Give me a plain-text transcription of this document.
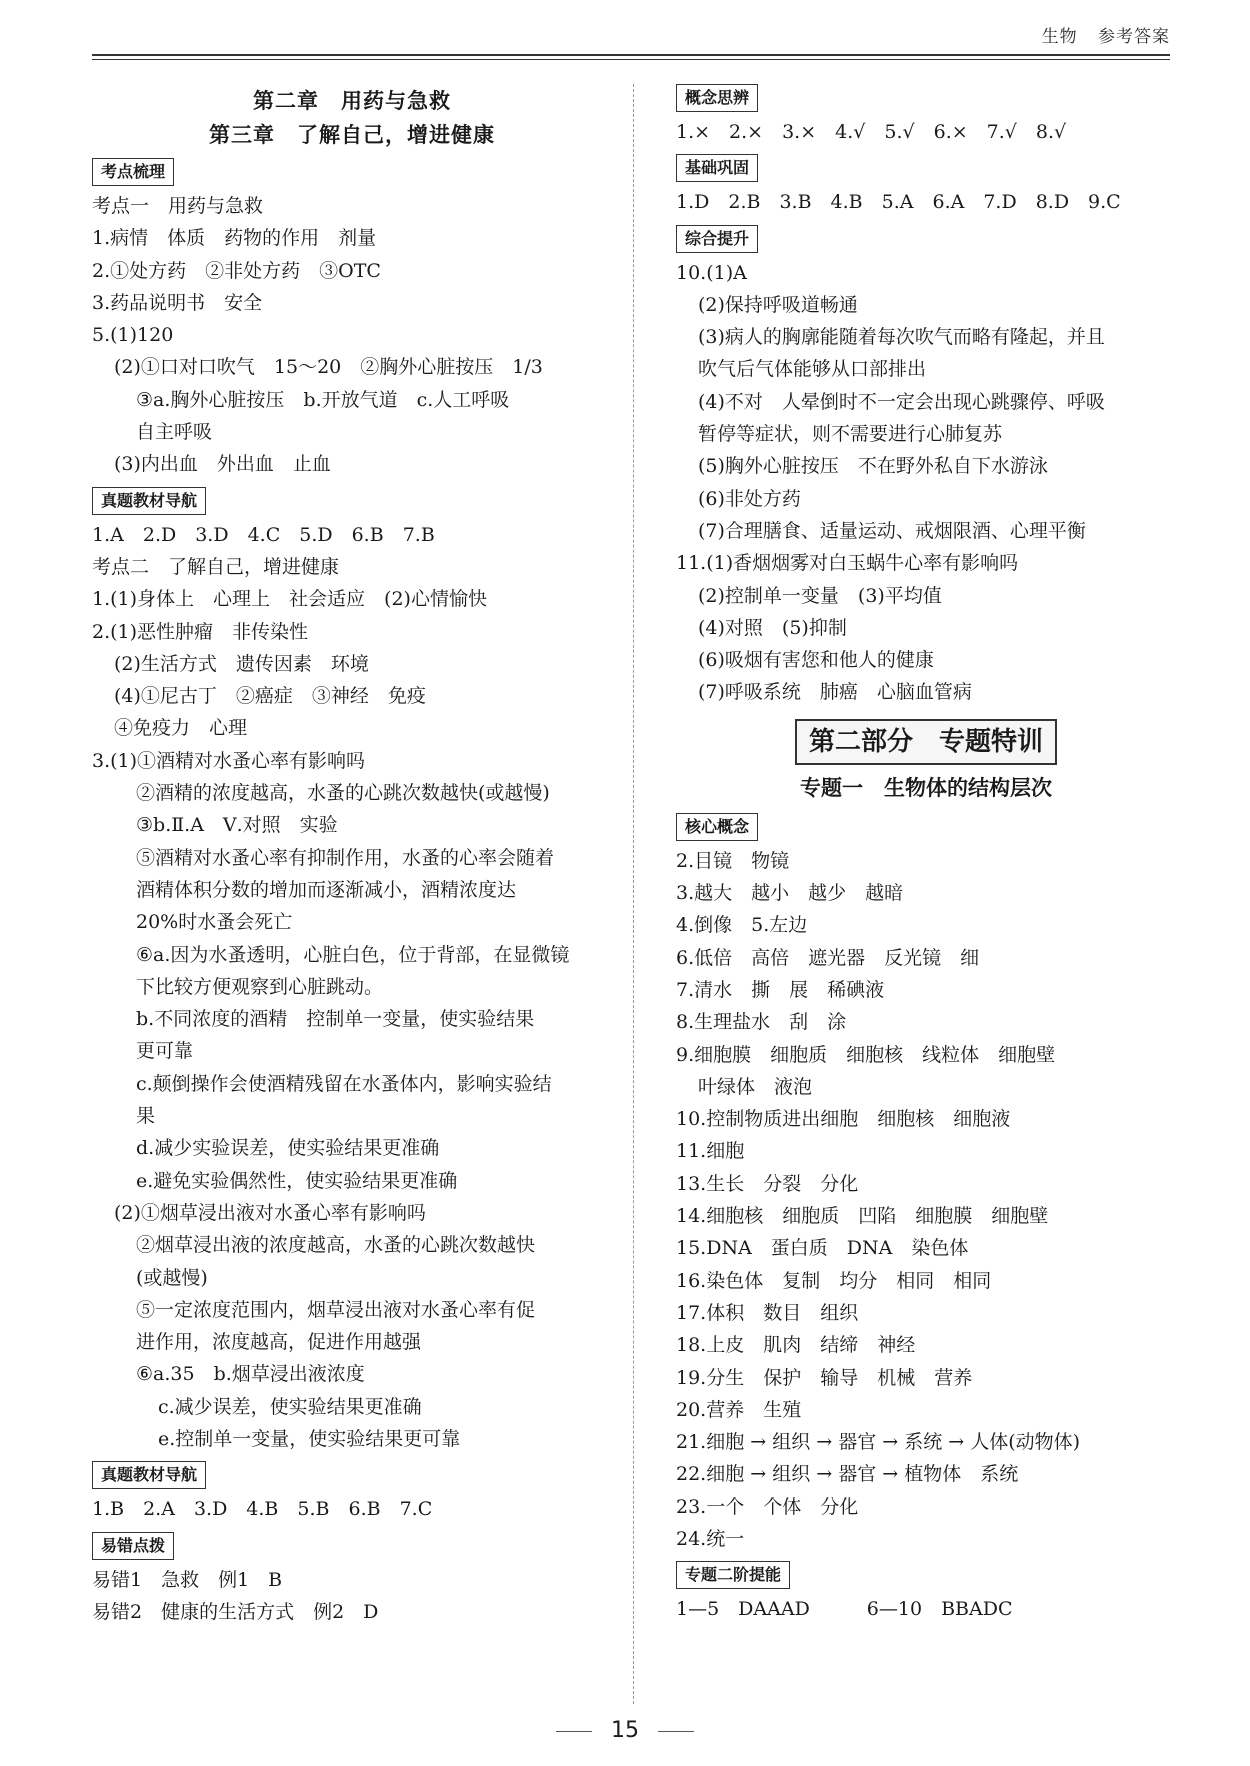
生物 参考答案
第二章　用药与急救
第三章　了解自己，增进健康
考点梳理
考点一　用药与急救
1.病情　体质　药物的作用　剂量
2.①处方药　②非处方药　③OTC
3.药品说明书　安全
5.(1)120
(2)①口对口吹气　15～20　②胸外心脏按压　1/3
③a.胸外心脏按压　b.开放气道　c.人工呼吸
自主呼吸
(3)内出血　外出血　止血
真题教材导航
1.A　2.D　3.D　4.C　5.D　6.B　7.B
考点二　了解自己，增进健康
1.(1)身体上　心理上　社会适应　(2)心情愉快
2.(1)恶性肿瘤　非传染性
(2)生活方式　遗传因素　环境
(4)①尼古丁　②癌症　③神经　免疫
④免疫力　心理
3.(1)①酒精对水蚤心率有影响吗
②酒精的浓度越高，水蚤的心跳次数越快(或越慢)
③b.Ⅱ.A　Ⅴ.对照　实验
⑤酒精对水蚤心率有抑制作用，水蚤的心率会随着
酒精体积分数的增加而逐渐减小，酒精浓度达
20%时水蚤会死亡
⑥a.因为水蚤透明，心脏白色，位于背部，在显微镜
下比较方便观察到心脏跳动。
b.不同浓度的酒精　控制单一变量，使实验结果
更可靠
c.颠倒操作会使酒精残留在水蚤体内，影响实验结
果
d.减少实验误差，使实验结果更准确
e.避免实验偶然性，使实验结果更准确
(2)①烟草浸出液对水蚤心率有影响吗
②烟草浸出液的浓度越高，水蚤的心跳次数越快
(或越慢)
⑤一定浓度范围内，烟草浸出液对水蚤心率有促
进作用，浓度越高，促进作用越强
⑥a.35　b.烟草浸出液浓度
c.减少误差，使实验结果更准确
e.控制单一变量，使实验结果更可靠
真题教材导航
1.B　2.A　3.D　4.B　5.B　6.B　7.C
易错点拨
易错1　急救　例1　B
易错2　健康的生活方式　例2　D
概念思辨
1.×　2.×　3.×　4.√　5.√　6.×　7.√　8.√
基础巩固
1.D　2.B　3.B　4.B　5.A　6.A　7.D　8.D　9.C
综合提升
10.(1)A
(2)保持呼吸道畅通
(3)病人的胸廓能随着每次吹气而略有隆起，并且
吹气后气体能够从口部排出
(4)不对　人晕倒时不一定会出现心跳骤停、呼吸
暂停等症状，则不需要进行心肺复苏
(5)胸外心脏按压　不在野外私自下水游泳
(6)非处方药
(7)合理膳食、适量运动、戒烟限酒、心理平衡
11.(1)香烟烟雾对白玉蜗牛心率有影响吗
(2)控制单一变量　(3)平均值
(4)对照　(5)抑制
(6)吸烟有害您和他人的健康
(7)呼吸系统　肺癌　心脑血管病
第二部分　专题特训
专题一　生物体的结构层次
核心概念
2.目镜　物镜
3.越大　越小　越少　越暗
4.倒像　5.左边
6.低倍　高倍　遮光器　反光镜　细
7.清水　撕　展　稀碘液
8.生理盐水　刮　涂
9.细胞膜　细胞质　细胞核　线粒体　细胞壁
叶绿体　液泡
10.控制物质进出细胞　细胞核　细胞液
11.细胞
13.生长　分裂　分化
14.细胞核　细胞质　凹陷　细胞膜　细胞壁
15.DNA　蛋白质　DNA　染色体
16.染色体　复制　均分　相同　相同
17.体积　数目　组织
18.上皮　肌肉　结缔　神经
19.分生　保护　输导　机械　营养
20.营养　生殖
21.细胞 → 组织 → 器官 → 系统 → 人体(动物体)
22.细胞 → 组织 → 器官 → 植物体　系统
23.一个　个体　分化
24.统一
专题二阶提能
1—5　DAAAD　　　6—10　BBADC
15
